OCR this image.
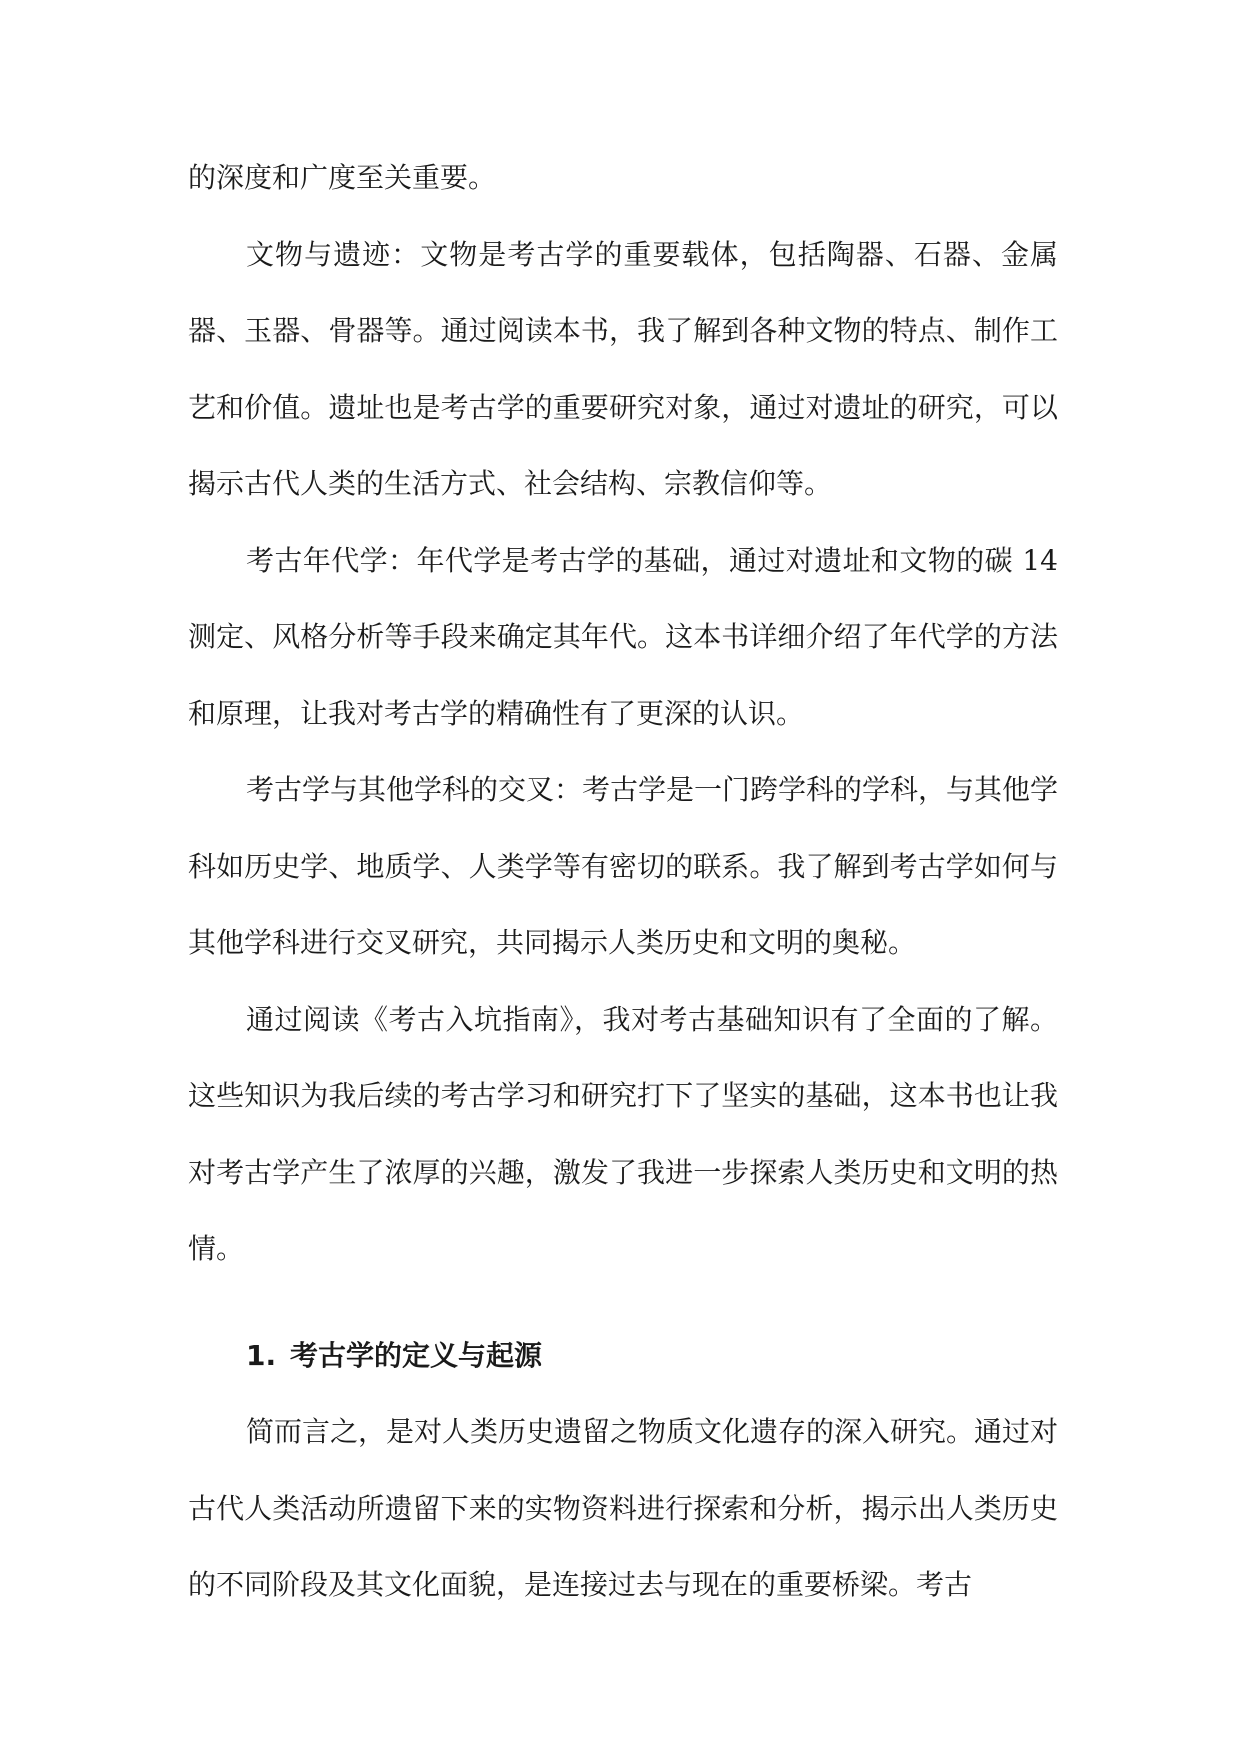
的深度和广度至关重要。

文物与遗迹：文物是考古学的重要载体，包括陶器、石器、金属器、玉器、骨器等。通过阅读本书，我了解到各种文物的特点、制作工艺和价值。遗址也是考古学的重要研究对象，通过对遗址的研究，可以揭示古代人类的生活方式、社会结构、宗教信仰等。

考古年代学：年代学是考古学的基础，通过对遗址和文物的碳 14 测定、风格分析等手段来确定其年代。这本书详细介绍了年代学的方法和原理，让我对考古学的精确性有了更深的认识。

考古学与其他学科的交叉：考古学是一门跨学科的学科，与其他学科如历史学、地质学、人类学等有密切的联系。我了解到考古学如何与其他学科进行交叉研究，共同揭示人类历史和文明的奥秘。

通过阅读《考古入坑指南》，我对考古基础知识有了全面的了解。这些知识为我后续的考古学习和研究打下了坚实的基础，这本书也让我对考古学产生了浓厚的兴趣，激发了我进一步探索人类历史和文明的热情。

1. 考古学的定义与起源

简而言之，是对人类历史遗留之物质文化遗存的深入研究。通过对古代人类活动所遗留下来的实物资料进行探索和分析，揭示出人类历史的不同阶段及其文化面貌，是连接过去与现在的重要桥梁。考古
